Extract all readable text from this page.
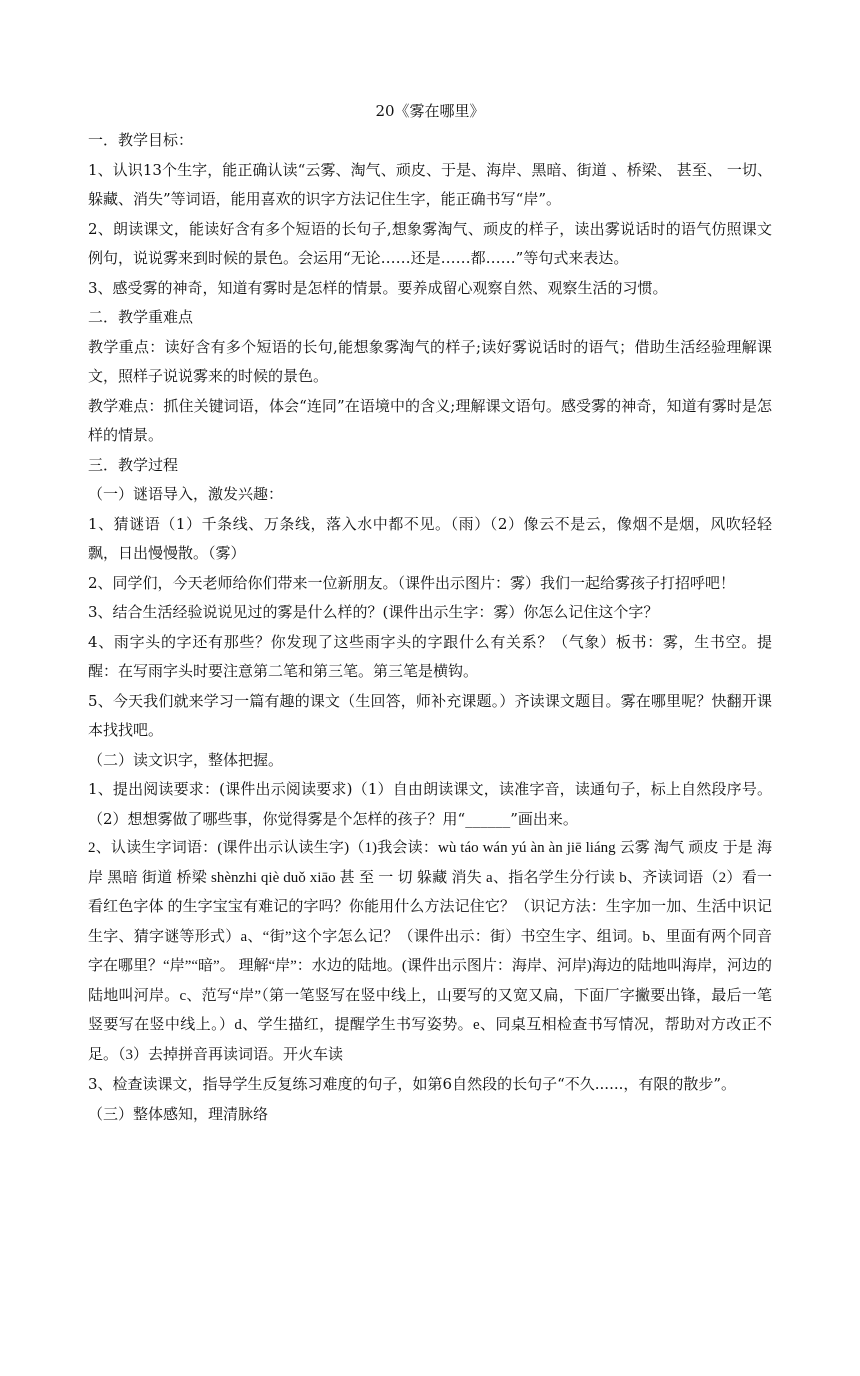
20《雾在哪里》

一．教学目标：

1、认识13个生字，能正确认读“云雾、淘气、顽皮、于是、海岸、黑暗、街道 、桥梁、 甚至、 一切、躲藏、消失”等词语，能用喜欢的识字方法记住生字，能正确书写“岸”。

2、朗读课文，能读好含有多个短语的长句子,想象雾淘气、顽皮的样子，读出雾说话时的语气仿照课文例句，说说雾来到时候的景色。会运用“无论……还是……都……”等句式来表达。

3、感受雾的神奇，知道有雾时是怎样的情景。要养成留心观察自然、观察生活的习惯。

二．教学重难点

教学重点：读好含有多个短语的长句,能想象雾淘气的样子;读好雾说话时的语气；借助生活经验理解课文，照样子说说雾来的时候的景色。

教学难点：抓住关键词语，体会“连同”在语境中的含义;理解课文语句。感受雾的神奇，知道有雾时是怎样的情景。

三．教学过程

（一）谜语导入，激发兴趣：

1、猜谜语（1）千条线、万条线，落入水中都不见。（雨）（2）像云不是云，像烟不是烟，风吹轻轻飘，日出慢慢散。（雾）

2、同学们，今天老师给你们带来一位新朋友。（课件出示图片：雾）我们一起给雾孩子打招呼吧！

3、结合生活经验说说见过的雾是什么样的？(课件出示生字：雾）你怎么记住这个字？

4、雨字头的字还有那些？你发现了这些雨字头的字跟什么有关系？（气象）板书：雾，生书空。提醒：在写雨字头时要注意第二笔和第三笔。第三笔是横钩。

5、今天我们就来学习一篇有趣的课文（生回答，师补充课题。）齐读课文题目。雾在哪里呢？快翻开课本找找吧。

（二）读文识字，整体把握。

1、提出阅读要求：(课件出示阅读要求)（1）自由朗读课文，读准字音，读通句子，标上自然段序号。 （2）想想雾做了哪些事，你觉得雾是个怎样的孩子？用“______”画出来。

2、认读生字词语：(课件出示认读生字)（1)我会读：wù táo wán yú àn àn jiē liáng 云雾 淘气 顽皮 于是 海岸 黑暗 街道 桥梁 shènzhi qiè duǒ xiāo 甚 至 一 切 躲藏 消失 a、指名学生分行读 b、齐读词语（2）看一看红色字体 的生字宝宝有难记的字吗？你能用什么方法记住它？（识记方法：生字加一加、生活中识记生字、猜字谜等形式）a、“街”这个字怎么记？（课件出示：街）书空生字、组词。b、里面有两个同音字在哪里？“岸”“暗”。 理解“岸”：水边的陆地。(课件出示图片：海岸、河岸)海边的陆地叫海岸，河边的陆地叫河岸。c、范写“岸”（第一笔竖写在竖中线上，山要写的又宽又扁，下面厂字撇要出锋，最后一笔竖要写在竖中线上。）d、学生描红，提醒学生书写姿势。e、同桌互相检查书写情况，帮助对方改正不足。（3）去掉拼音再读词语。开火车读

3、检查读课文，指导学生反复练习难度的句子，如第6自然段的长句子“不久......，有限的散步”。

（三）整体感知，理清脉络
